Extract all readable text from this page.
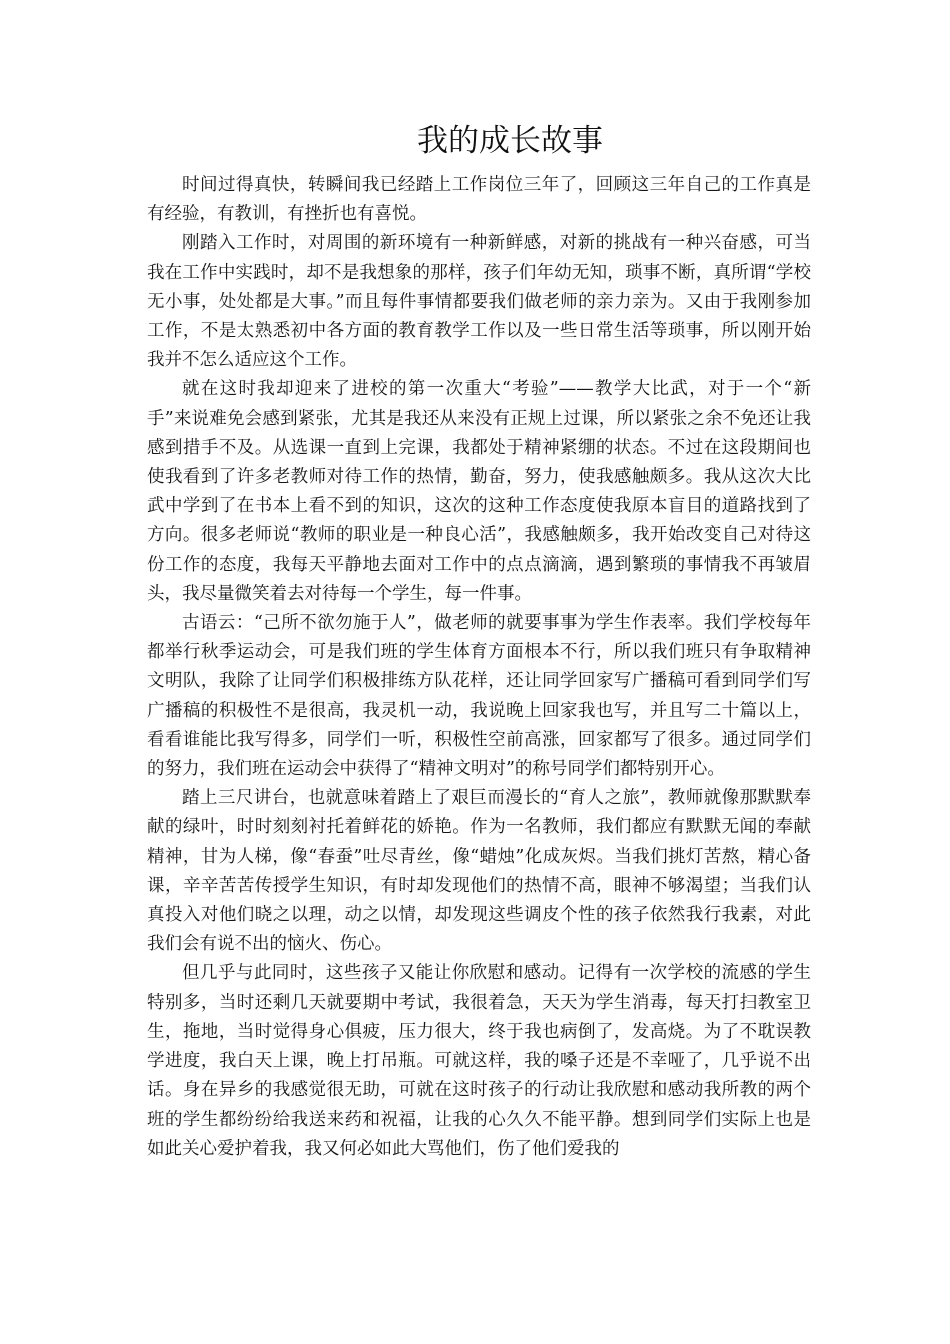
我的成长故事

时间过得真快，转瞬间我已经踏上工作岗位三年了，回顾这三年自己的工作真是有经验，有教训，有挫折也有喜悦。

刚踏入工作时，对周围的新环境有一种新鲜感，对新的挑战有一种兴奋感，可当我在工作中实践时，却不是我想象的那样，孩子们年幼无知，琐事不断，真所谓“学校无小事，处处都是大事。”而且每件事情都要我们做老师的亲力亲为。又由于我刚参加工作，不是太熟悉初中各方面的教育教学工作以及一些日常生活等琐事，所以刚开始我并不怎么适应这个工作。

就在这时我却迎来了进校的第一次重大“考验”——教学大比武，对于一个“新手”来说难免会感到紧张，尤其是我还从来没有正规上过课，所以紧张之余不免还让我感到措手不及。从选课一直到上完课，我都处于精神紧绷的状态。不过在这段期间也使我看到了许多老教师对待工作的热情，勤奋，努力，使我感触颇多。我从这次大比武中学到了在书本上看不到的知识，这次的这种工作态度使我原本盲目的道路找到了方向。很多老师说“教师的职业是一种良心活”，我感触颇多，我开始改变自己对待这份工作的态度，我每天平静地去面对工作中的点点滴滴，遇到繁琐的事情我不再皱眉头，我尽量微笑着去对待每一个学生，每一件事。

古语云：“己所不欲勿施于人”，做老师的就要事事为学生作表率。我们学校每年都举行秋季运动会，可是我们班的学生体育方面根本不行，所以我们班只有争取精神文明队，我除了让同学们积极排练方队花样，还让同学回家写广播稿可看到同学们写广播稿的积极性不是很高，我灵机一动，我说晚上回家我也写，并且写二十篇以上，看看谁能比我写得多，同学们一听，积极性空前高涨，回家都写了很多。通过同学们的努力，我们班在运动会中获得了“精神文明对”的称号同学们都特别开心。

踏上三尺讲台，也就意味着踏上了艰巨而漫长的“育人之旅”，教师就像那默默奉献的绿叶，时时刻刻衬托着鲜花的娇艳。作为一名教师，我们都应有默默无闻的奉献精神，甘为人梯，像“春蚕”吐尽青丝，像“蜡烛”化成灰烬。当我们挑灯苦熬，精心备课，辛辛苦苦传授学生知识，有时却发现他们的热情不高，眼神不够渴望；当我们认真投入对他们晓之以理，动之以情，却发现这些调皮个性的孩子依然我行我素，对此我们会有说不出的恼火、伤心。

但几乎与此同时，这些孩子又能让你欣慰和感动。记得有一次学校的流感的学生特别多，当时还剩几天就要期中考试，我很着急，天天为学生消毒，每天打扫教室卫生，拖地，当时觉得身心俱疲，压力很大，终于我也病倒了，发高烧。为了不耽误教学进度，我白天上课，晚上打吊瓶。可就这样，我的嗓子还是不幸哑了，几乎说不出话。身在异乡的我感觉很无助，可就在这时孩子的行动让我欣慰和感动我所教的两个班的学生都纷纷给我送来药和祝福，让我的心久久不能平静。想到同学们实际上也是如此关心爱护着我，我又何必如此大骂他们，伤了他们爱我的
